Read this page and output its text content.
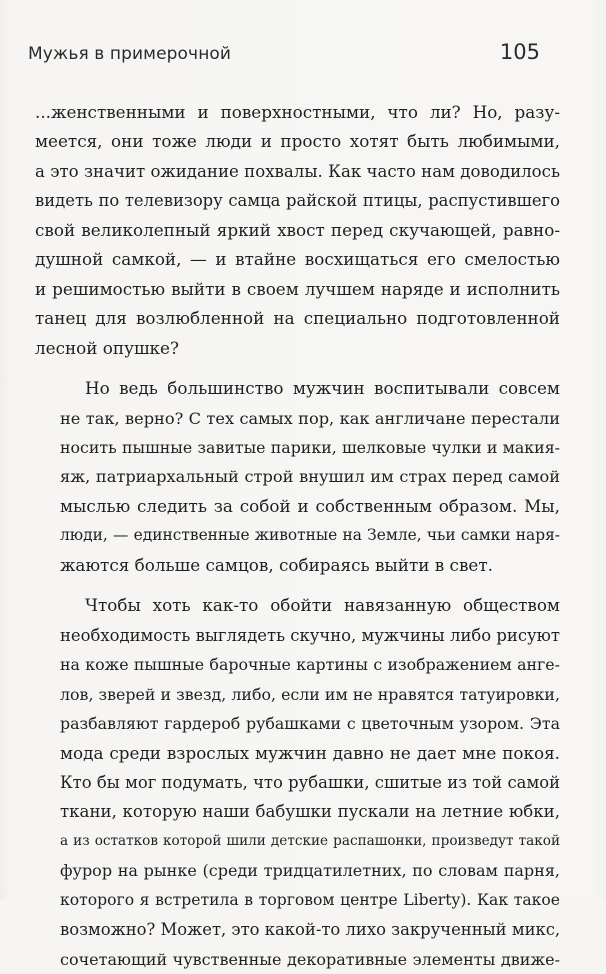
Мужья в примерочной	105

...женственными и поверхностными, что ли? Но, разу-
меется, они тоже люди и просто хотят быть любимыми,
а это значит ожидание похвалы. Как часто нам доводилось
видеть по телевизору самца райской птицы, распустившего
свой великолепный яркий хвост перед скучающей, равно-
душной самкой, — и втайне восхищаться его смелостью
и решимостью выйти в своем лучшем наряде и исполнить
танец для возлюбленной на специально подготовленной
лесной опушке?

Но ведь большинство мужчин воспитывали совсем
не так, верно? С тех самых пор, как англичане перестали
носить пышные завитые парики, шелковые чулки и макия-
яж, патриархальный строй внушил им страх перед самой
мыслью следить за собой и собственным образом. Мы,
люди, — единственные животные на Земле, чьи самки наря-
жаются больше самцов, собираясь выйти в свет.

Чтобы хоть как-то обойти навязанную обществом
необходимость выглядеть скучно, мужчины либо рисуют
на коже пышные барочные картины с изображением анге-
лов, зверей и звезд, либо, если им не нравятся татуировки,
разбавляют гардероб рубашками с цветочным узором. Эта
мода среди взрослых мужчин давно не дает мне покоя.
Кто бы мог подумать, что рубашки, сшитые из той самой
ткани, которую наши бабушки пускали на летние юбки,
а из остатков которой шили детские распашонки, произведут такой
фурор на рынке (среди тридцатилетних, по словам парня,
которого я встретила в торговом центре Liberty). Как такое
возможно? Может, это какой-то лихо закрученный микс,
сочетающий чувственные декоративные элементы движе-
